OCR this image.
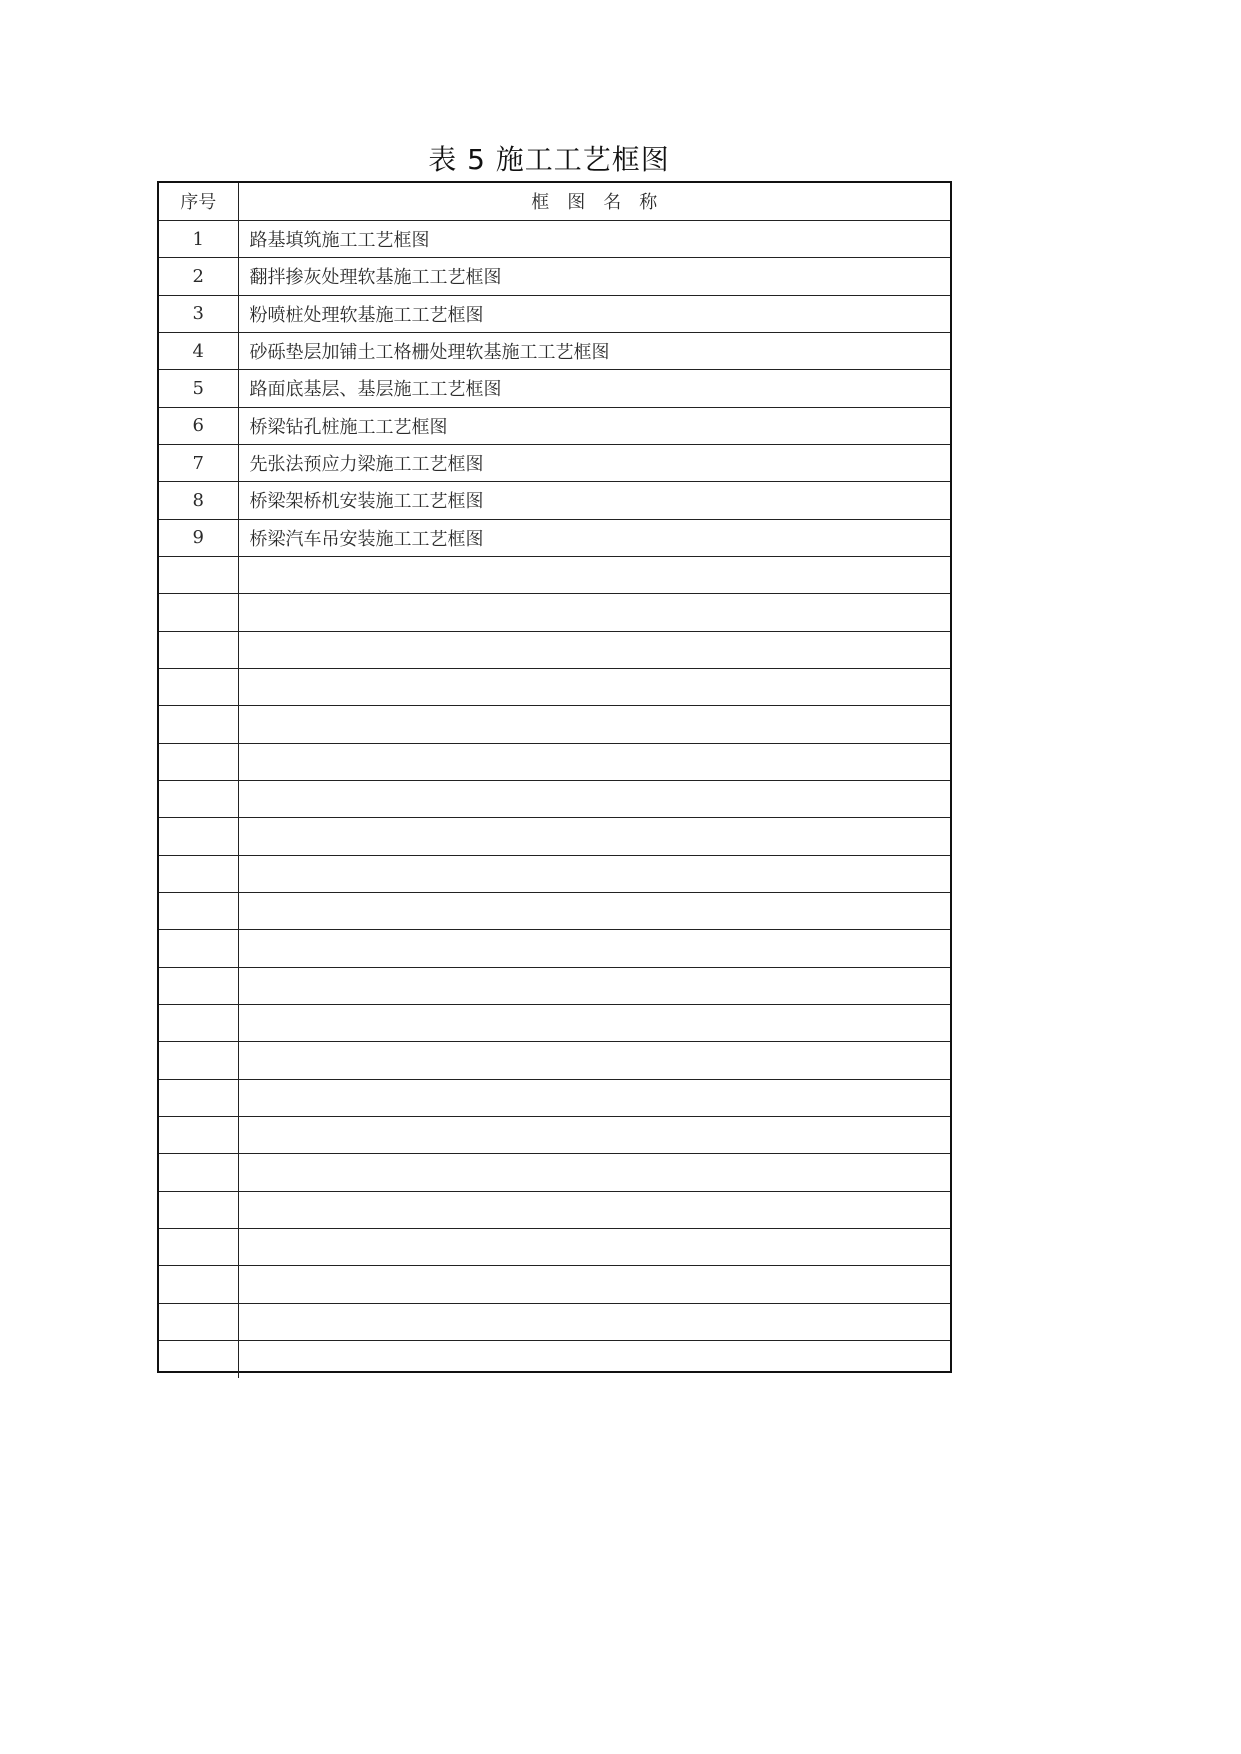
表 5 施工工艺框图
序号	框图名称
1	路基填筑施工工艺框图
2	翻拌掺灰处理软基施工工艺框图
3	粉喷桩处理软基施工工艺框图
4	砂砾垫层加铺土工格栅处理软基施工工艺框图
5	路面底基层、基层施工工艺框图
6	桥梁钻孔桩施工工艺框图
7	先张法预应力梁施工工艺框图
8	桥梁架桥机安装施工工艺框图
9	桥梁汽车吊安装施工工艺框图
